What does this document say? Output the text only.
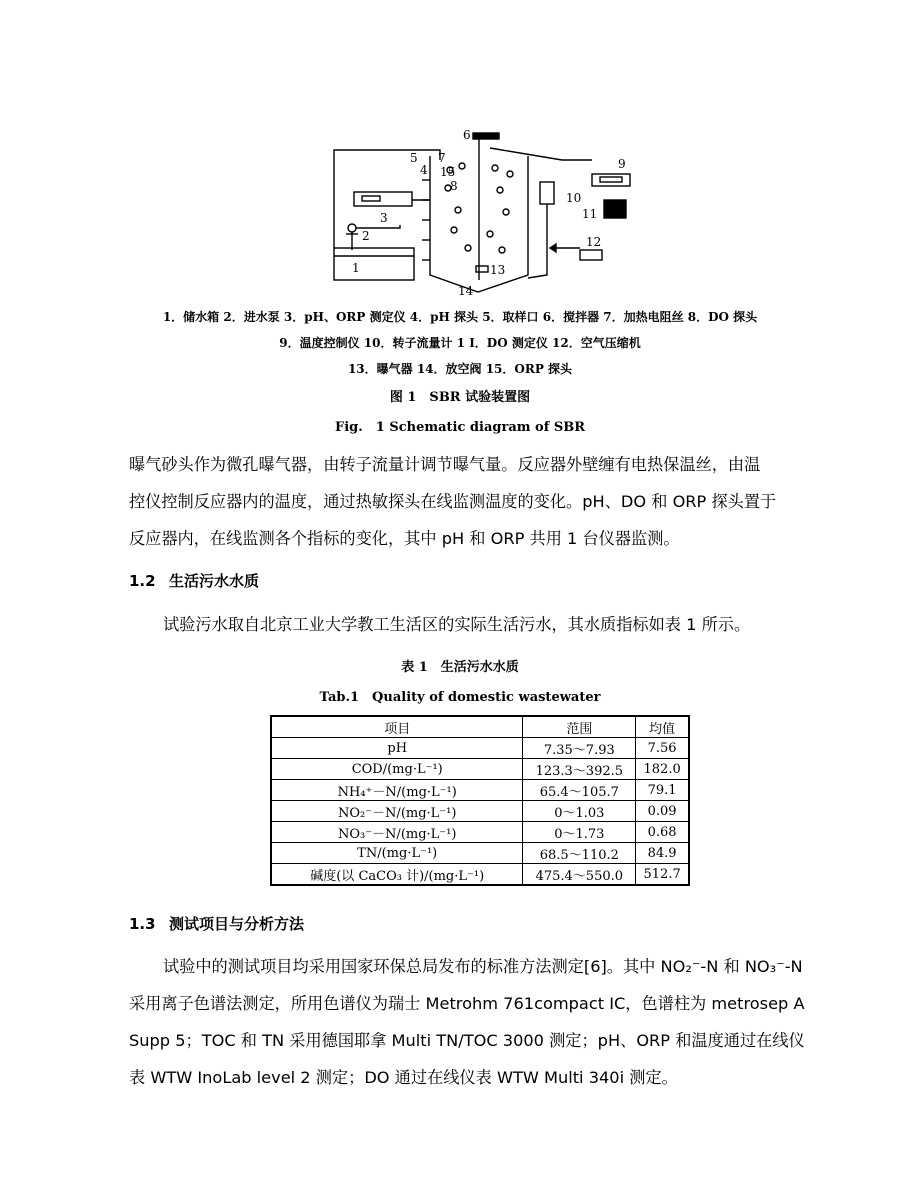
6
5 7
4 15
8
3
2
1
9
10
11
12
13
14
1．储水箱 2．进水泵 3．pH、ORP 测定仪 4．pH 探头 5．取样口 6．搅拌器 7．加热电阻丝 8．DO 探头
9．温度控制仪 10．转子流量计 1 I．DO 测定仪 12．空气压缩机
13．曝气器 14．放空阀 15．ORP 探头
图 1　SBR 试验装置图
Fig.　1 Schematic diagram of SBR
曝气砂头作为微孔曝气器，由转子流量计调节曝气量。反应器外壁缠有电热保温丝，由温
控仪控制反应器内的温度，通过热敏探头在线监测温度的变化。pH、DO 和 ORP 探头置于
反应器内，在线监测各个指标的变化，其中 pH 和 ORP 共用 1 台仪器监测。
1.2 生活污水水质
试验污水取自北京工业大学教工生活区的实际生活污水，其水质指标如表 1 所示。
表 1　生活污水水质
Tab.1　Quality of domestic wastewater
项目	范围	均值
pH	7.35～7.93	7.56
COD/(mg·L⁻¹)	123.3～392.5	182.0
NH₄⁺－N/(mg·L⁻¹)	65.4～105.7	79.1
NO₂⁻－N/(mg·L⁻¹)	0～1.03	0.09
NO₃⁻－N/(mg·L⁻¹)	0～1.73	0.68
TN/(mg·L⁻¹)	68.5～110.2	84.9
碱度(以 CaCO₃ 计)/(mg·L⁻¹)	475.4～550.0	512.7
1.3 测试项目与分析方法
试验中的测试项目均采用国家环保总局发布的标准方法测定[6]。其中 NO₂⁻-N 和 NO₃⁻-N
采用离子色谱法测定，所用色谱仪为瑞士 Metrohm 761compact IC，色谱柱为 metrosep A
Supp 5；TOC 和 TN 采用德国耶拿 Multi TN/TOC 3000 测定；pH、ORP 和温度通过在线仪
表 WTW InoLab level 2 测定；DO 通过在线仪表 WTW Multi 340i 测定。
